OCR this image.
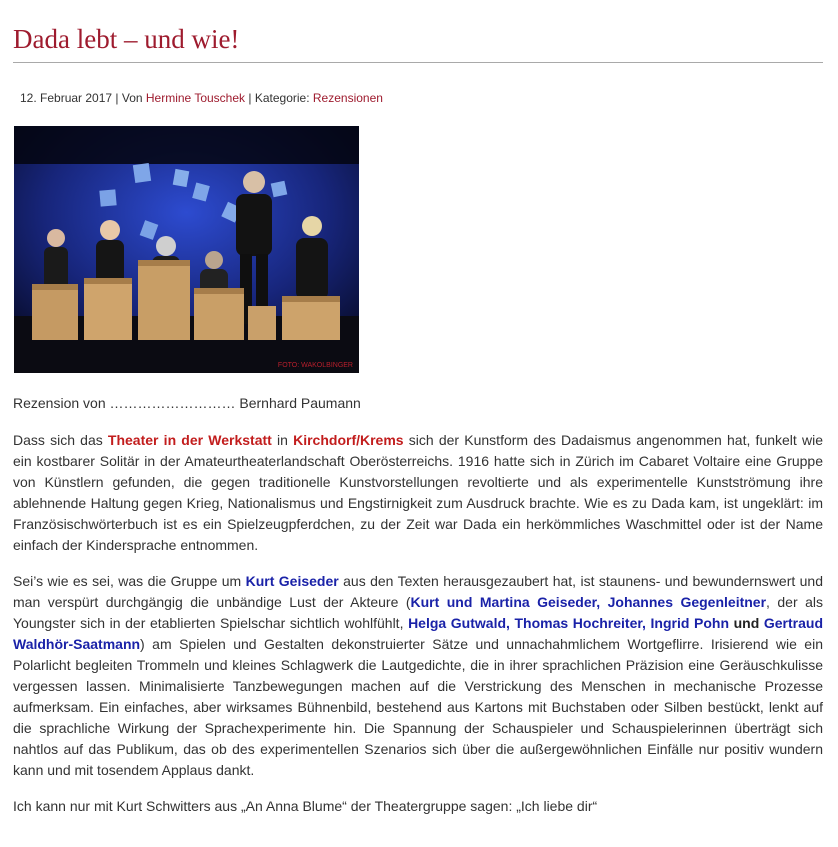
Dada lebt – und wie!
12. Februar 2017 | Von Hermine Touschek | Kategorie: Rezensionen
FOTO: WAKOLBINGER
Rezension von ……………………… Bernhard Paumann

Dass sich das Theater in der Werkstatt in Kirchdorf/Krems sich der Kunstform des Dadaismus angenommen hat, funkelt wie ein kostbarer Solitär in der Amateurtheaterlandschaft Oberösterreichs. 1916 hatte sich in Zürich im Cabaret Voltaire eine Gruppe von Künstlern gefunden, die gegen traditionelle Kunstvorstellungen revoltierte und als experimentelle Kunstströmung ihre ablehnende Haltung gegen Krieg, Nationalismus und Engstirnigkeit zum Ausdruck brachte. Wie es zu Dada kam, ist ungeklärt: im Französischwörterbuch ist es ein Spielzeugpferdchen, zu der Zeit war Dada ein herkömmliches Waschmittel oder ist der Name einfach der Kindersprache entnommen.

Sei’s wie es sei, was die Gruppe um Kurt Geiseder aus den Texten herausgezaubert hat, ist staunens- und bewundernswert und man verspürt durchgängig die unbändige Lust der Akteure (Kurt und Martina Geiseder, Johannes Gegenleitner, der als Youngster sich in der etablierten Spielschar sichtlich wohlfühlt, Helga Gutwald, Thomas Hochreiter, Ingrid Pohn und Gertraud Waldhör-Saatmann) am Spielen und Gestalten dekonstruierter Sätze und unnachahmlichem Wortgeflirre. Irisierend wie ein Polarlicht begleiten Trommeln und kleines Schlagwerk die Lautgedichte, die in ihrer sprachlichen Präzision eine Geräuschkulisse vergessen lassen. Minimalisierte Tanzbewegungen machen auf die Verstrickung des Menschen in mechanische Prozesse aufmerksam. Ein einfaches, aber wirksames Bühnenbild, bestehend aus Kartons mit Buchstaben oder Silben bestückt, lenkt auf die sprachliche Wirkung der Sprachexperimente hin. Die Spannung der Schauspieler und Schauspielerinnen überträgt sich nahtlos auf das Publikum, das ob des experimentellen Szenarios sich über die außergewöhnlichen Einfälle nur positiv wundern kann und mit tosendem Applaus dankt.

Ich kann nur mit Kurt Schwitters aus „An Anna Blume“ der Theatergruppe sagen: „Ich liebe dir“
